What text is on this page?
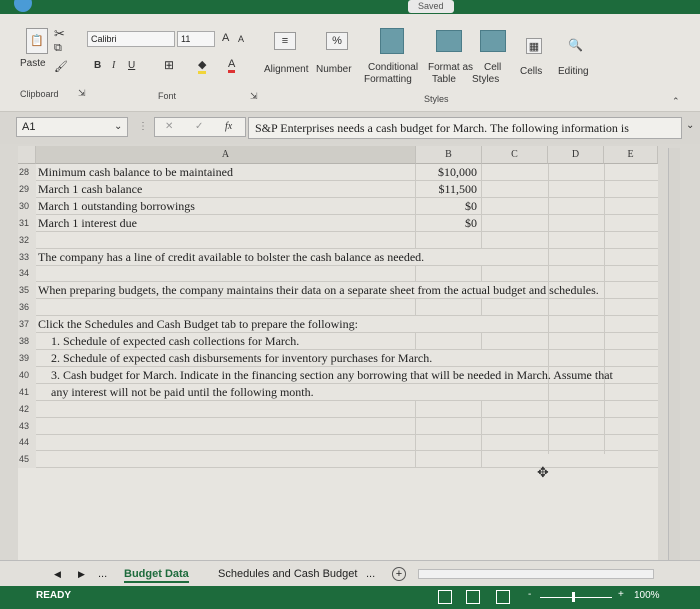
Saved
📋
Paste
✂
⧉
🖌
Clipboard ⇲
Calibri	11	A A
B I U ⊞ ◆ A
Font
≡
Alignment
⇲
%
Number Conditional
Formatting
Format as
Table
Cell
Styles
Styles
▦
Cells
🔍
Editing
⌃
A1	⌄ ⋮ ✕ ✓ fx	S&P Enterprises needs a cash budget for March. The following information is	⌄
A	B	C	D	E
28 Minimum cash balance to be maintained	$10,000
29 March 1 cash balance	$11,500
30 March 1 outstanding borrowings	$0
31 March 1 interest due	$0
32
33 The company has a line of credit available to bolster the cash balance as needed.
34
35 When preparing budgets, the company maintains their data on a separate sheet from the actual budget and schedules.
36
37 Click the Schedules and Cash Budget tab to prepare the following:
38	1. Schedule of expected cash collections for March.
39	2. Schedule of expected cash disbursements for inventory purchases for March.
40	3. Cash budget for March. Indicate in the financing section any borrowing that will be needed in March. Assume that
41	any interest will not be paid until the following month.
42
43
44
45
✥
◀ ▶ ... Budget Data	Schedules and Cash Budget ...	+
READY	-	+ 100%
